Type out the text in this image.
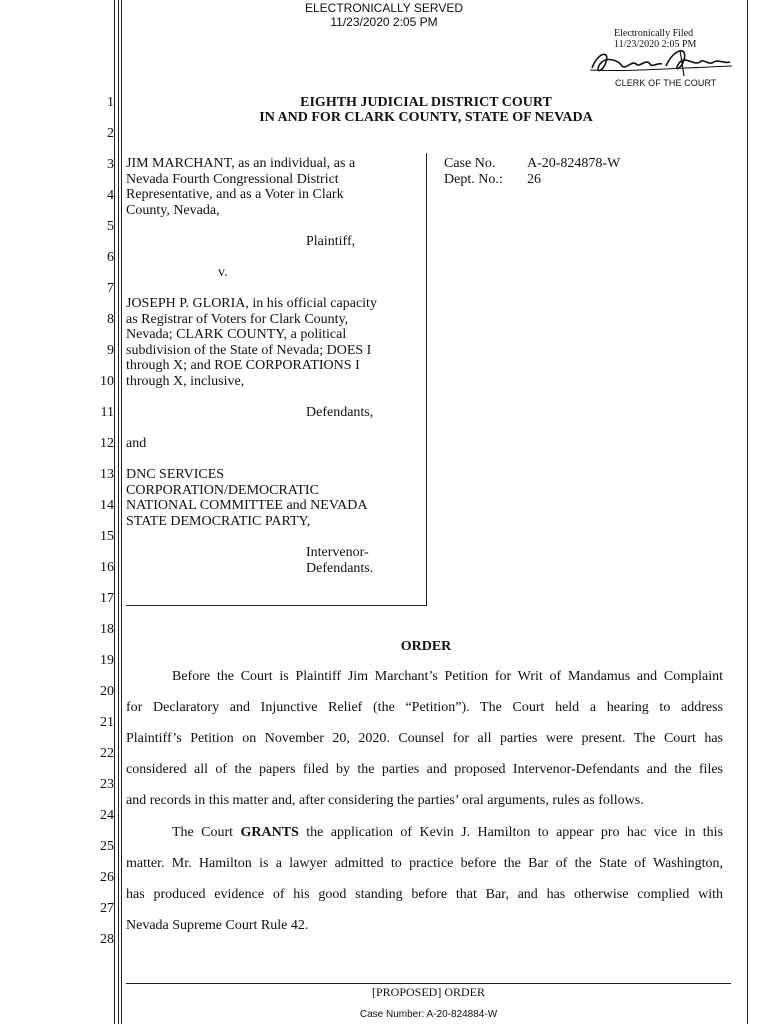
ELECTRONICALLY SERVED
11/23/2020 2:05 PM
Electronically Filed
11/23/2020 2:05 PM
CLERK OF THE COURT
1
2
3
4
5
6
7
8
9
10
11
12
13
14
15
16
17
18
19
20
21
22
23
24
25
26
27
28
EIGHTH JUDICIAL DISTRICT COURT
IN AND FOR CLARK COUNTY, STATE OF NEVADA
JIM MARCHANT, as an individual, as a
Nevada Fourth Congressional District
Representative, and as a Voter in Clark
County, Nevada,
Plaintiff,
v.
JOSEPH P. GLORIA, in his official capacity
as Registrar of Voters for Clark County,
Nevada; CLARK COUNTY, a political
subdivision of the State of Nevada; DOES I
through X; and ROE CORPORATIONS I
through X, inclusive,
Defendants,
and
DNC SERVICES
CORPORATION/DEMOCRATIC
NATIONAL COMMITTEE and NEVADA
STATE DEMOCRATIC PARTY,
Intervenor-
Defendants.
Case No. A-20-824878-W
Dept. No.: 26
ORDER
Before the Court is Plaintiff Jim Marchant’s Petition for Writ of Mandamus and Complaint
for Declaratory and Injunctive Relief (the “Petition”). The Court held a hearing to address
Plaintiff’s Petition on November 20, 2020. Counsel for all parties were present. The Court has
considered all of the papers filed by the parties and proposed Intervenor-Defendants and the files
and records in this matter and, after considering the parties’ oral arguments, rules as follows.
The Court GRANTS the application of Kevin J. Hamilton to appear pro hac vice in this
matter. Mr. Hamilton is a lawyer admitted to practice before the Bar of the State of Washington,
has produced evidence of his good standing before that Bar, and has otherwise complied with
Nevada Supreme Court Rule 42.
[PROPOSED] ORDER
Case Number: A-20-824884-W
